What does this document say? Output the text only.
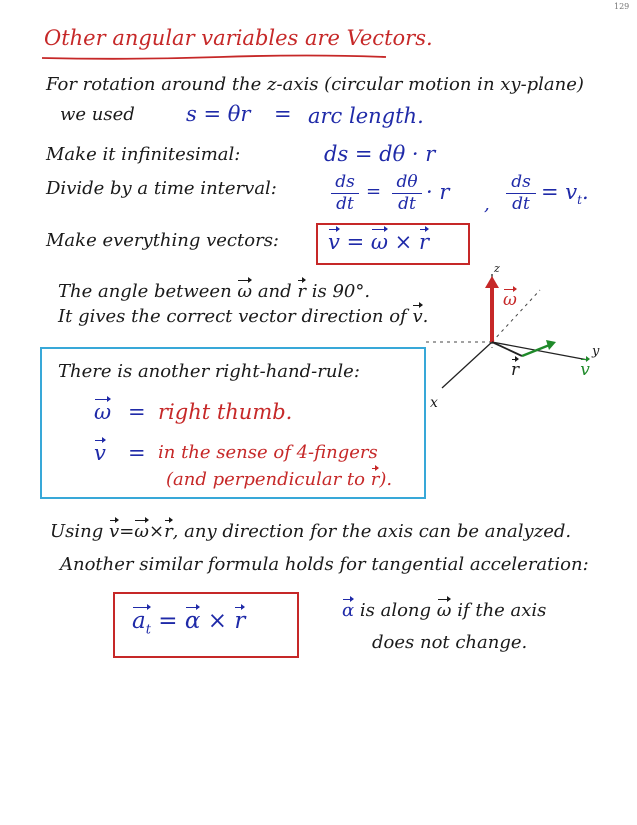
129
Other angular variables are Vectors.
For rotation around the z-axis (circular motion in xy-plane)
we used s = θr = arc length.
Make it infinitesimal:	ds = dθ · r
Divide by a time interval:	ds
dt
= dθ
dt · r
,
ds
dt = $v_t$.
Make everything vectors: v = ω × r
The angle between ω and r is 90°.
It gives the correct vector direction of v.
z
y
x
ω r	v
There is another right-hand-rule:
ω = right thumb.
v = in the sense of 4-fingers
(and perpendicular to r).
Using v=ω×r, any direction for the axis can be analyzed.
Another similar formula holds for tangential acceleration:
$a_t = \alpha \times r$	α is along ω if the axis
does not change.
